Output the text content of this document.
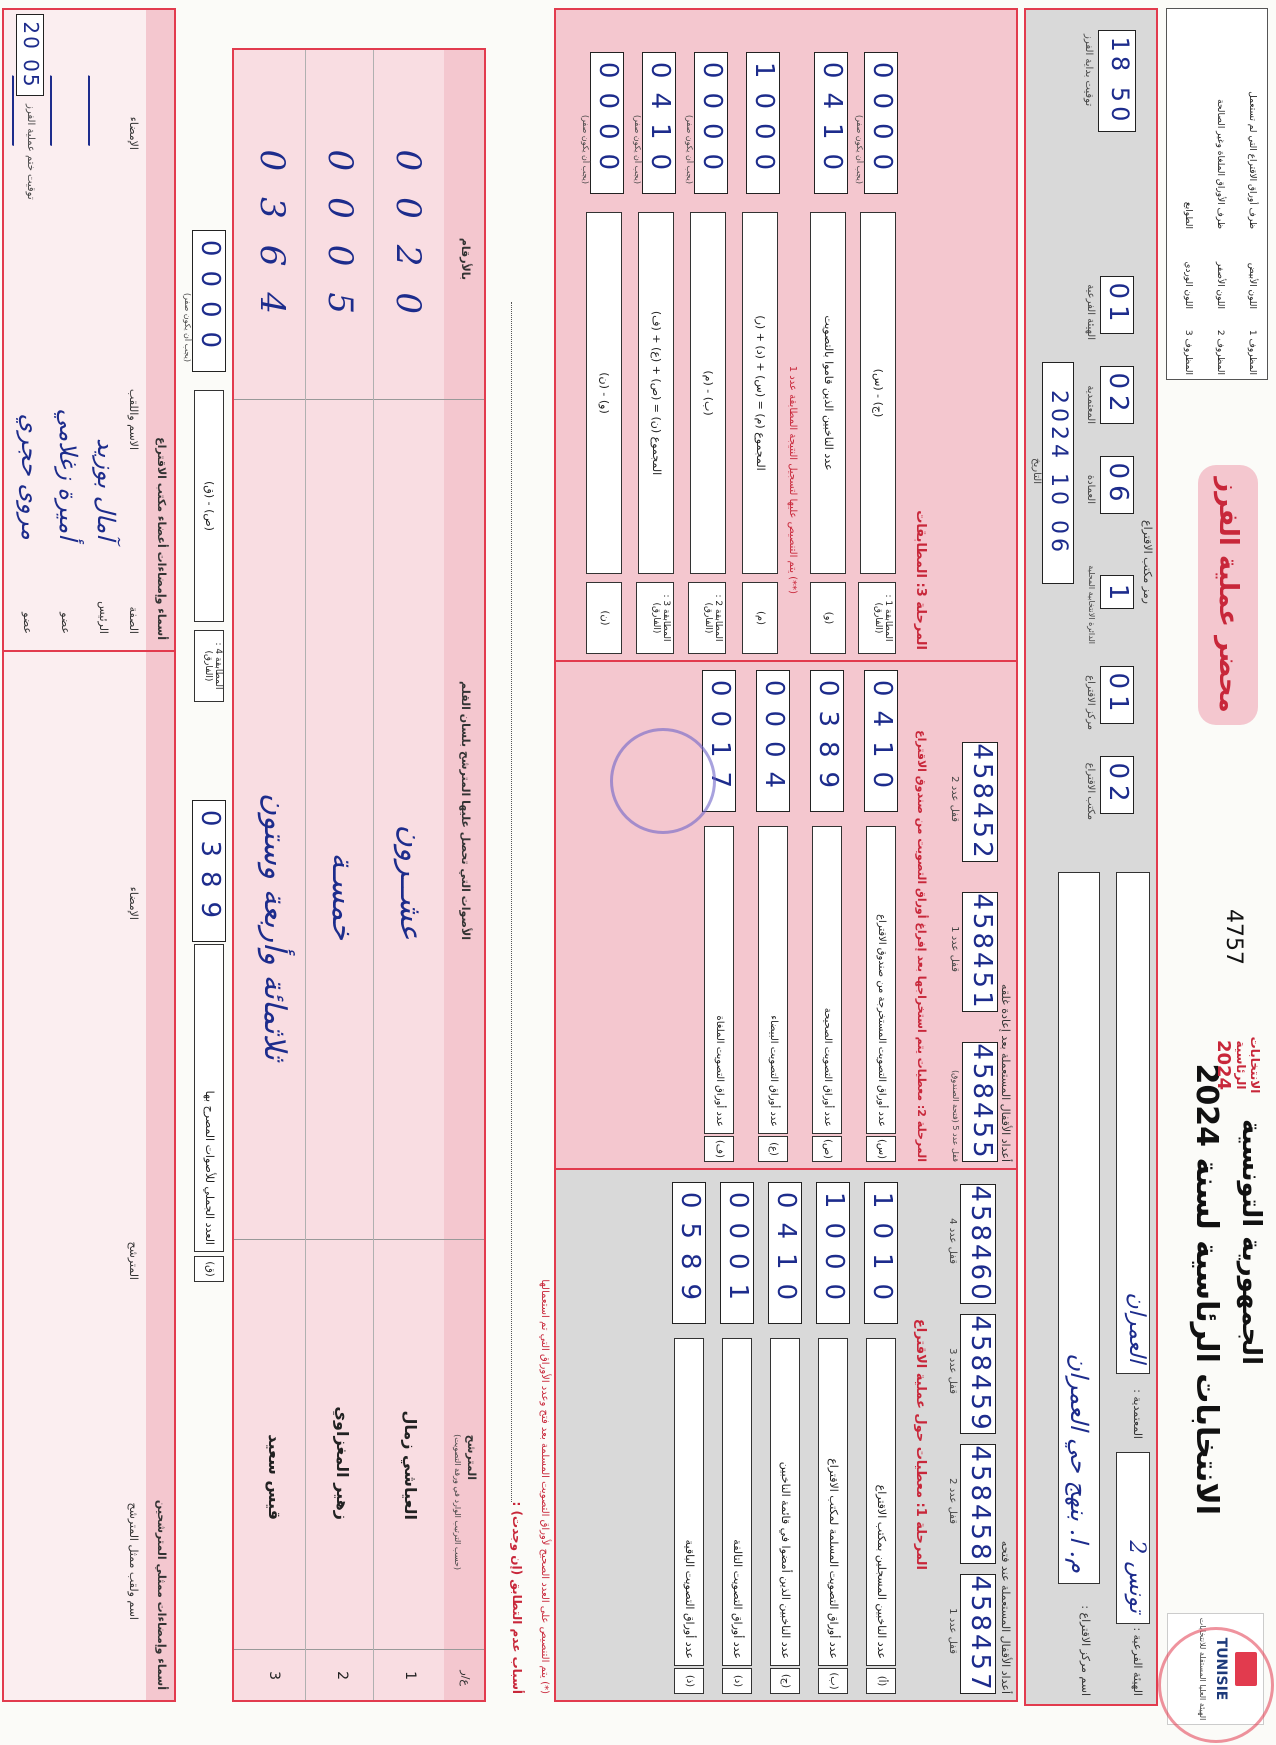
TUNISIE
الهيئة العليا المستقلة للانتخابات
الجمهورية التونسية
الانتخابات الرئاسية لسنة 2024
الانتخابات
الرئاسية
2024
4757
محضر عملية الفرز
المظروف 1
اللون الأبيض
ظرف أوراق الاقتراع التي لم تستعمل
المظروف 2
اللون الأصفر
ظرف الأوراق الملغاة وغير الصالحة
المظروف 3
اللون الوردي
الطوابع
الهيئة الفرعية :
تونس 2
المعتمدية :
العمران
اسم مركز الاقتراع :
م. ا. بنهج حي العمران
رمز مكتب الاقتراع
02
مكتب الاقتراع
01
مركز الاقتراع
1
الدائرة الانتخابية المحلية
06
العمادة
02
المعتمدية
01
الهيئة الفرعية
2024 10 06
التاريخ
18 50
توقيت بداية الفرز
أعداد الأقفال المستعملة عند فتحه
458457
قفل عدد 1
458458
قفل عدد 2
458459
قفل عدد 3
458460
قفل عدد 4
المرحلة 1: معطيات حول عملية الاقتراع
(أ)
عدد الناخبين المسجلين بمكتب الاقتراع
1010
(ب)
عدد أوراق التصويت المسلمة لمكتب الاقتراع
1000
(ج)
عدد الناخبين الذين أمضوا في قائمة الناخبين
0410
(د)
عدد أوراق التصويت التالفة
0001
(ذ)
عدد أوراق التصويت الباقية
0589
أعداد الأقفال المستعملة بعد إعادة غلقه
المرحلة 2: معطيات يتم استخراجها بعد إفراغ أوراق التصويت من صندوق الاقتراع
(س)
عدد أوراق التصويت المستخرجة من صندوق الاقتراع
0410
(ص)
عدد أوراق التصويت الصحيحة
0389
(ع)
عدد أوراق التصويت البيضاء
0004
(ف)
عدد أوراق التصويت الملغاة
0017
458455
قفل عدد 5 (فتحة الصندوق)
458451
قفل عدد 1
458452
قفل عدد 2
المرحلة 3: المطابقات
المطابقة 1 : (الفارق)
(ج) - (س)
0000
(يجب أن يكون صفر)
(و)
عدد الناخبين الذين قاموا بالتصويت
0410
(**) يتم التنصيص عليها لتسجيل النتيجة المطابقة عدد 1
(م)
المجموع (م) = (س) + (د) + (ر)
1000
المطابقة 2 : (الفارق)
(ب) - (م)
0000
(يجب أن يكون صفر)
المطابقة 3 : (الفارق)
المجموع (ن) = (ص) + (ع) + (ف)
0410
(يجب أن يكون صفر)
(ن)
(و) - (ن)
0000
(يجب أن يكون صفر)
(*) يتم التنصيص على العدد الصحيح لأوراق التصويت المسلمة بعد فتح وعدد الأوراق التي تم استعمالها
أسباب عدم التطابق (إن وجدت) :
ع/ر
المترشح
(حسب الترتيب الوارد في ورقة التصويت)
الأصوات التي تحصل عليها المترشح بلسان القلم
بالأرقام
1
العياشي زمال
عشــرون
0020
2
زهير المغزاوي
خمسـة
0005
3
قيس سعيد
ثلاثمائة وأربعة وستون
0364
(ق)
العدد الجملي للأصوات المصرح بها
0389
المطابقة 4 : (الفارق)
(ص) - (ق)
0000
(يجب أن يكون صفر)
أسماء وإمضاءات ممثلي المترشحين
اسم ولقب ممثل المترشح
المترشح
الإمضاء
أسماء وإمضاءات أعضاء مكتب الاقتراع
الصفة
الاسم واللقب
الإمضاء
الرئيس
آمال بوزيد
عضو
أميرة زغلامي
عضو
مروى حجري
20 05
توقيت ختم عملية الفرز
